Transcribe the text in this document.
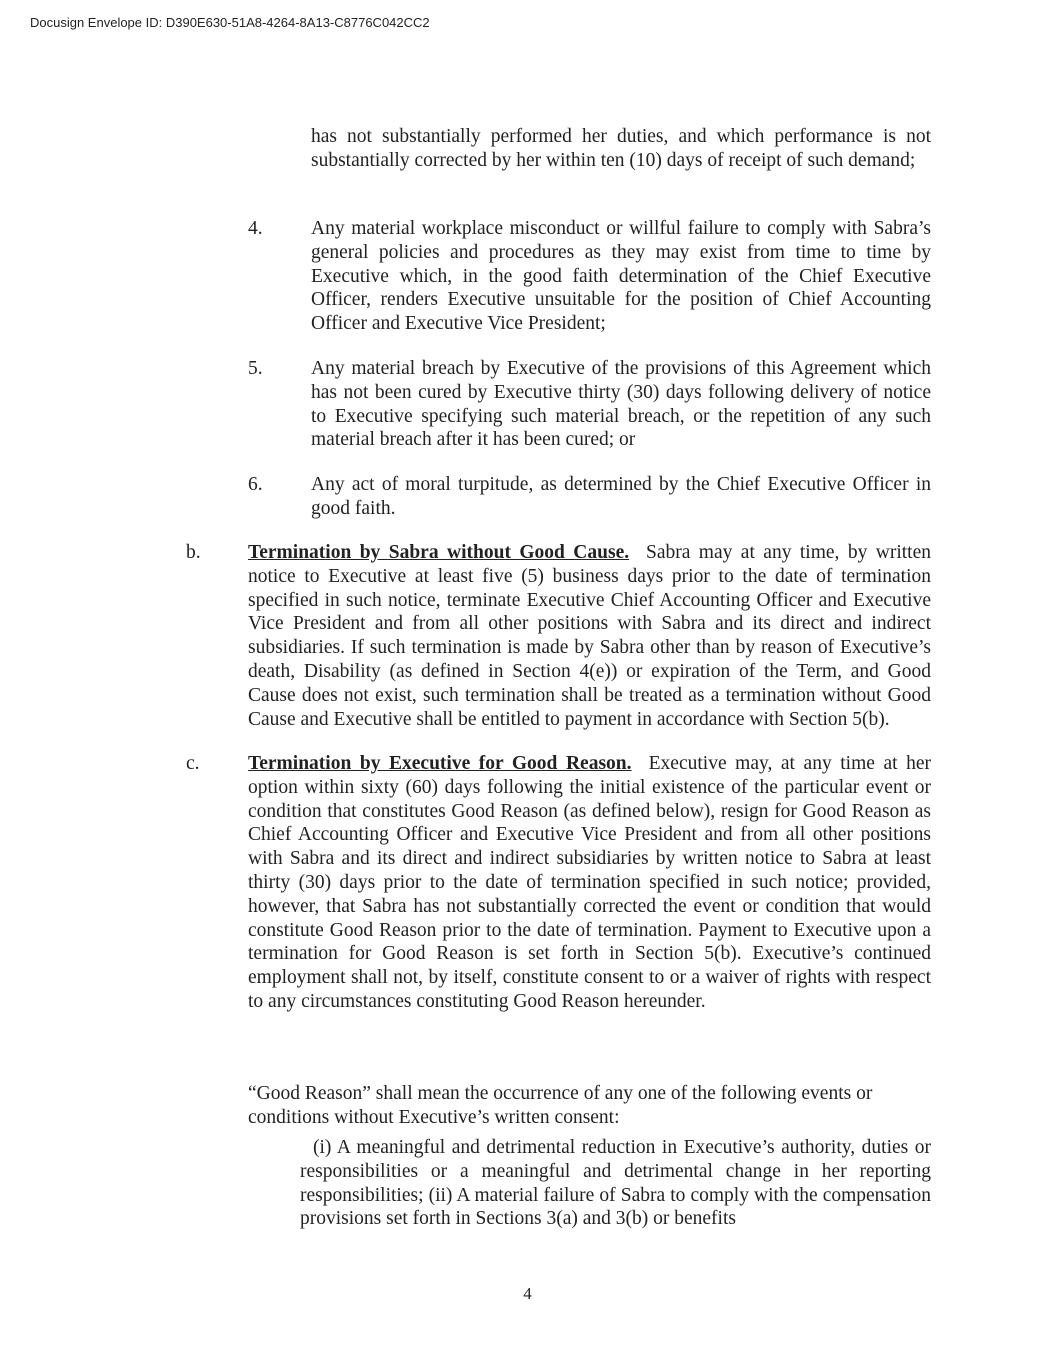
Docusign Envelope ID: D390E630-51A8-4264-8A13-C8776C042CC2
has not substantially performed her duties, and which performance is not substantially corrected by her within ten (10) days of receipt of such demand;
4. Any material workplace misconduct or willful failure to comply with Sabra’s general policies and procedures as they may exist from time to time by Executive which, in the good faith determination of the Chief Executive Officer, renders Executive unsuitable for the position of Chief Accounting Officer and Executive Vice President;
5. Any material breach by Executive of the provisions of this Agreement which has not been cured by Executive thirty (30) days following delivery of notice to Executive specifying such material breach, or the repetition of any such material breach after it has been cured; or
6. Any act of moral turpitude, as determined by the Chief Executive Officer in good faith.
b. Termination by Sabra without Good Cause. Sabra may at any time, by written notice to Executive at least five (5) business days prior to the date of termination specified in such notice, terminate Executive Chief Accounting Officer and Executive Vice President and from all other positions with Sabra and its direct and indirect subsidiaries. If such termination is made by Sabra other than by reason of Executive’s death, Disability (as defined in Section 4(e)) or expiration of the Term, and Good Cause does not exist, such termination shall be treated as a termination without Good Cause and Executive shall be entitled to payment in accordance with Section 5(b).
c. Termination by Executive for Good Reason. Executive may, at any time at her option within sixty (60) days following the initial existence of the particular event or condition that constitutes Good Reason (as defined below), resign for Good Reason as Chief Accounting Officer and Executive Vice President and from all other positions with Sabra and its direct and indirect subsidiaries by written notice to Sabra at least thirty (30) days prior to the date of termination specified in such notice; provided, however, that Sabra has not substantially corrected the event or condition that would constitute Good Reason prior to the date of termination. Payment to Executive upon a termination for Good Reason is set forth in Section 5(b). Executive’s continued employment shall not, by itself, constitute consent to or a waiver of rights with respect to any circumstances constituting Good Reason hereunder.
“Good Reason” shall mean the occurrence of any one of the following events or conditions without Executive’s written consent:
(i) A meaningful and detrimental reduction in Executive’s authority, duties or responsibilities or a meaningful and detrimental change in her reporting responsibilities; (ii) A material failure of Sabra to comply with the compensation provisions set forth in Sections 3(a) and 3(b) or benefits
4
